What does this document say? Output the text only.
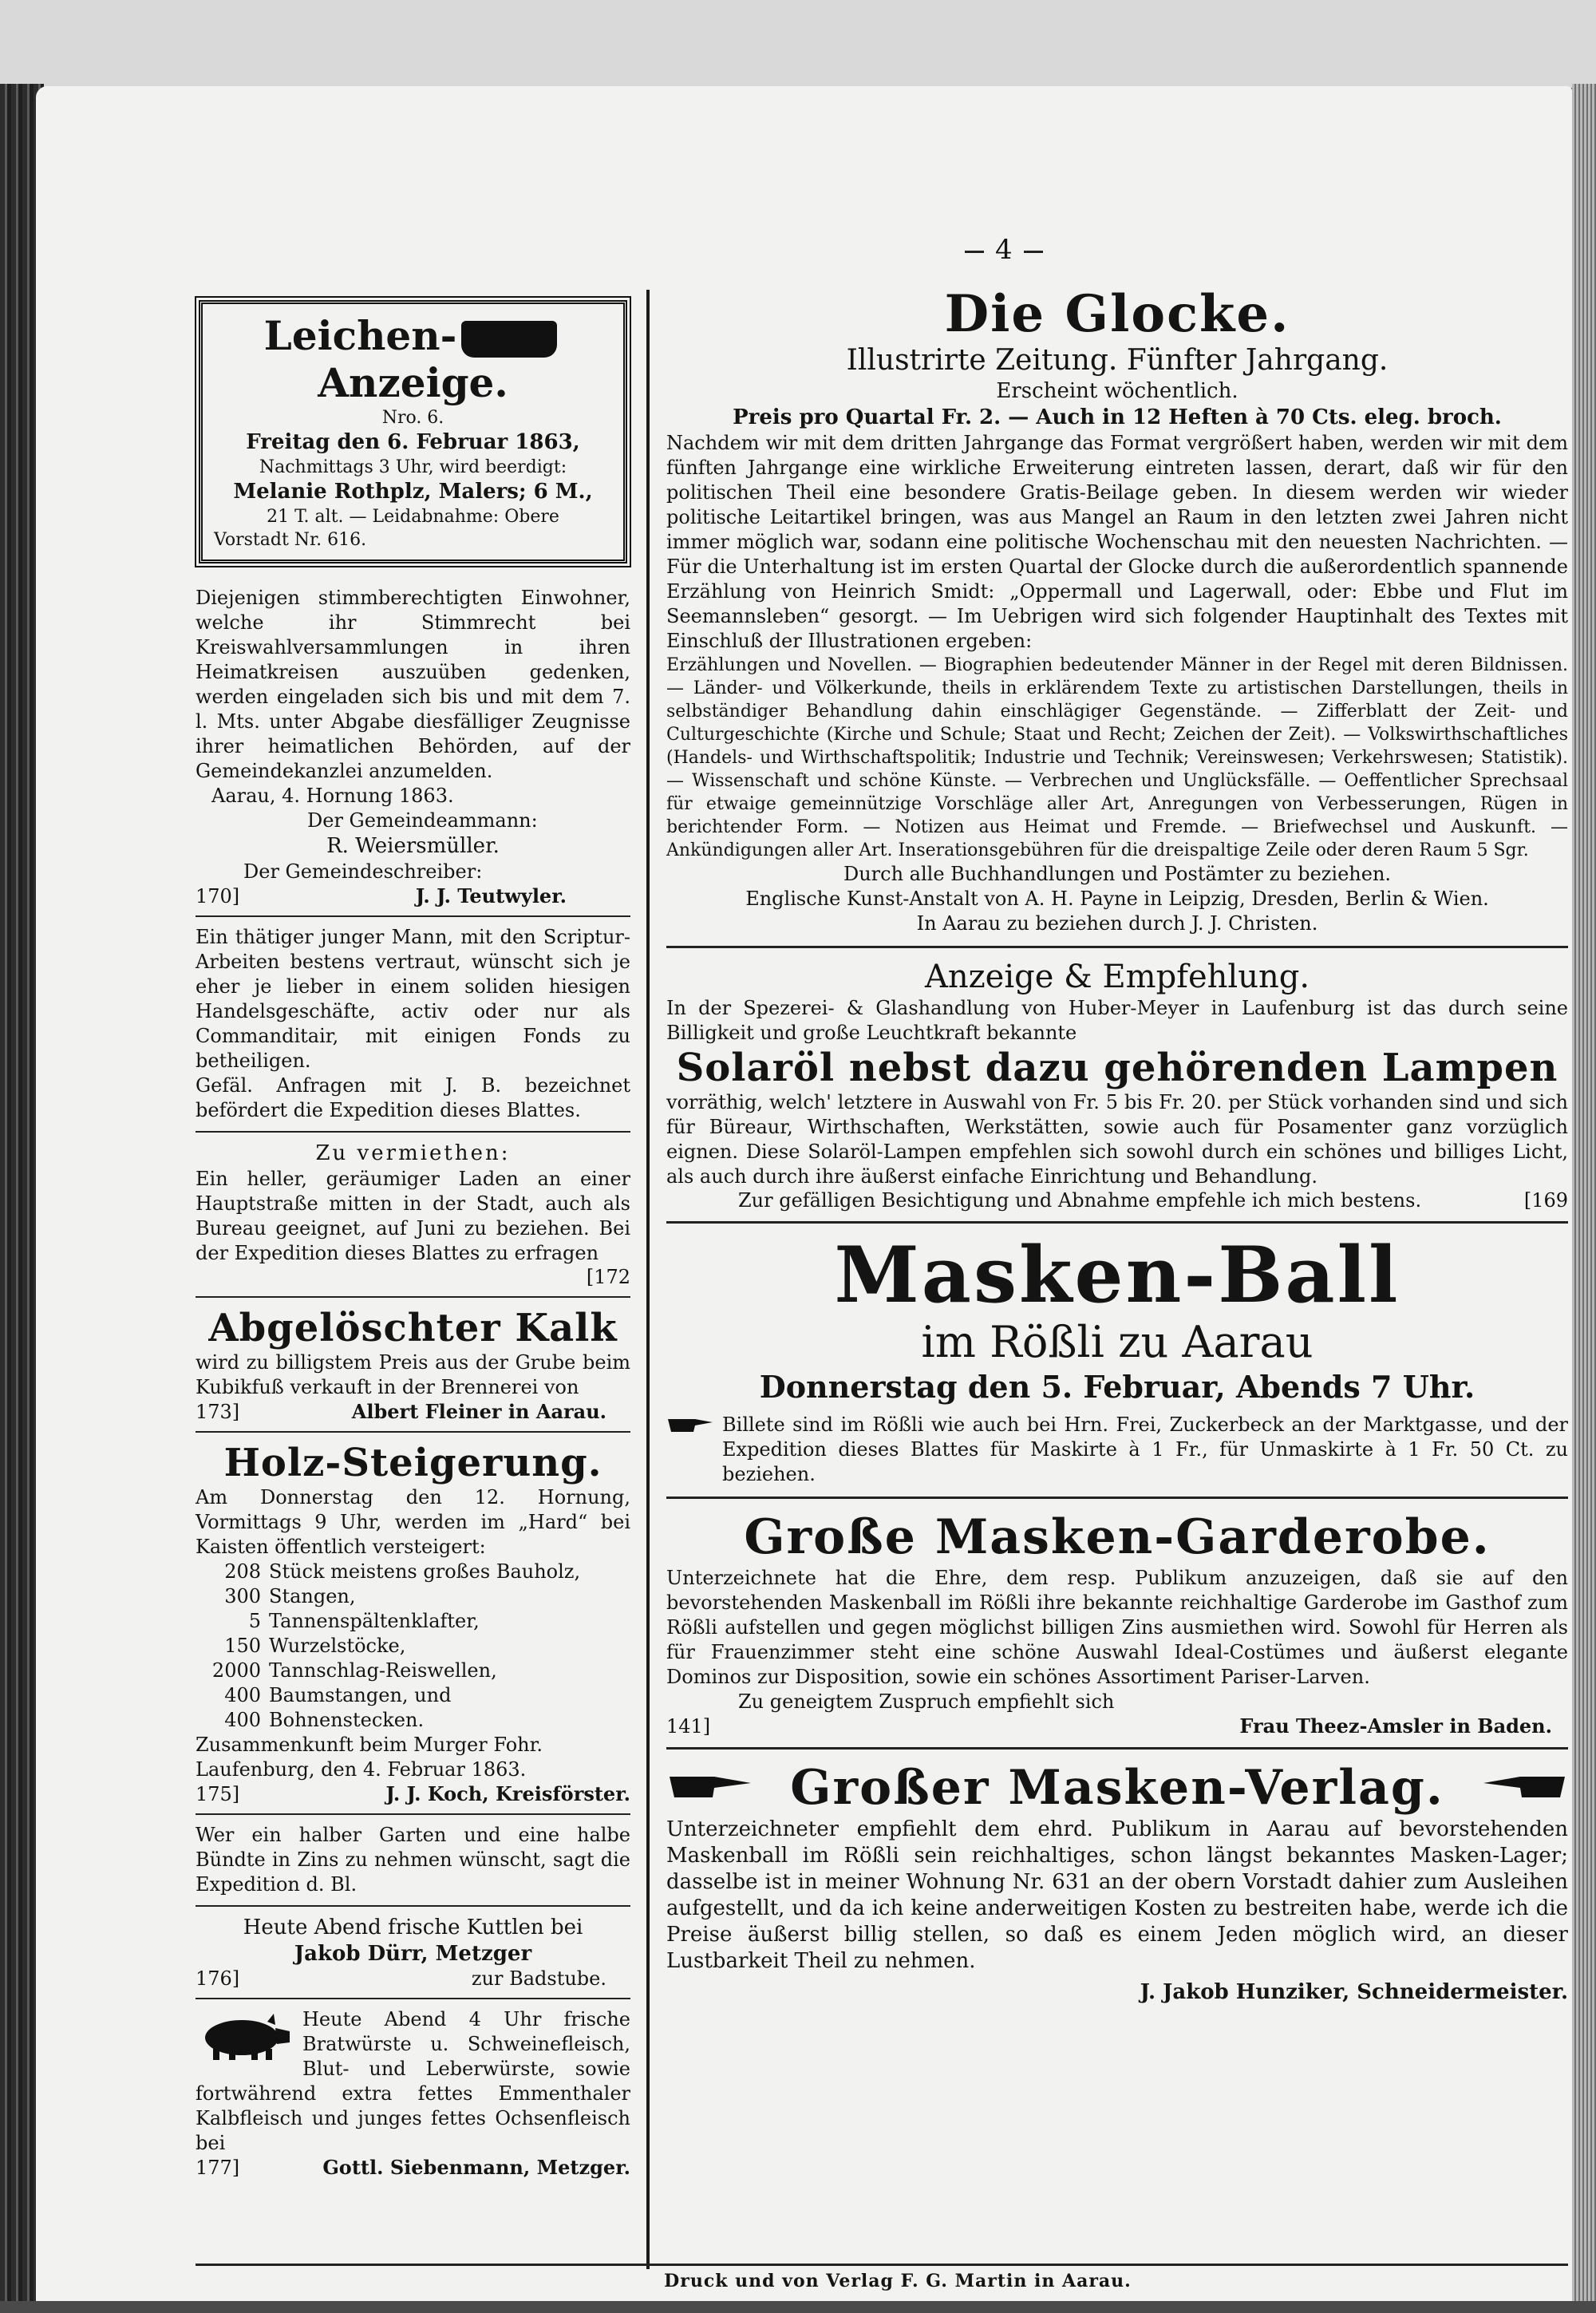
4
Leichen-Anzeige.

Nro. 6.

Freitag den 6. Februar 1863,

Nachmittags 3 Uhr, wird beerdigt:

Melanie Rothplz, Malers; 6 M.,

21 T. alt. — Leidabnahme: Obere

Vorstadt Nr. 616.

Diejenigen stimmberechtigten Einwohner, welche ihr Stimmrecht bei Kreiswahlversammlungen in ihren Heimatkreisen auszuüben gedenken, werden eingeladen sich bis und mit dem 7. l. Mts. unter Abgabe diesfälliger Zeugnisse ihrer heimatlichen Behörden, auf der Gemeindekanzlei anzumelden.

Aarau, 4. Hornung 1863.

Der Gemeindeammann:

R. Weiersmüller.

Der Gemeindeschreiber:

170]	J. J. Teutwyler.

Ein thätiger junger Mann, mit den Scriptur-Arbeiten bestens vertraut, wünscht sich je eher je lieber in einem soliden hiesigen Handelsgeschäfte, activ oder nur als Commanditair, mit einigen Fonds zu betheiligen.

Gefäl. Anfragen mit J. B. bezeichnet befördert die Expedition dieses Blattes.

Zu vermiethen:

Ein heller, geräumiger Laden an einer Hauptstraße mitten in der Stadt, auch als Bureau geeignet, auf Juni zu beziehen. Bei der Expedition dieses Blattes zu erfragen

[172

Abgelöschter Kalk

wird zu billigstem Preis aus der Grube beim Kubikfuß verkauft in der Brennerei von

173]	Albert Fleiner in Aarau.

Holz-Steigerung.

Am Donnerstag den 12. Hornung, Vormittags 9 Uhr, werden im „Hard“ bei Kaisten öffentlich versteigert:

208 Stück meistens großes Bauholz,
300 Stangen,
5 Tannenspältenklafter,
150 Wurzelstöcke,
2000 Tannschlag-Reiswellen,
400 Baumstangen, und
400 Bohnenstecken.

Zusammenkunft beim Murger Fohr.

Laufenburg, den 4. Februar 1863.

175]	J. J. Koch, Kreisförster.

Wer ein halber Garten und eine halbe Bündte in Zins zu nehmen wünscht, sagt die Expedition d. Bl.

Heute Abend frische Kuttlen bei

Jakob Dürr, Metzger

176]	zur Badstube.

Heute Abend 4 Uhr frische Bratwürste u. Schweinefleisch, Blut- und Leberwürste, sowie fortwährend extra fettes Emmenthaler Kalbfleisch und junges fettes Ochsenfleisch bei

177]	Gottl. Siebenmann, Metzger.

Die Glocke.

Illustrirte Zeitung. Fünfter Jahrgang.

Erscheint wöchentlich.

Preis pro Quartal Fr. 2. — Auch in 12 Heften à 70 Cts. eleg. broch.

Nachdem wir mit dem dritten Jahrgange das Format vergrößert haben, werden wir mit dem fünften Jahrgange eine wirkliche Erweiterung eintreten lassen, derart, daß wir für den politischen Theil eine besondere Gratis-Beilage geben. In diesem werden wir wieder politische Leitartikel bringen, was aus Mangel an Raum in den letzten zwei Jahren nicht immer möglich war, sodann eine politische Wochenschau mit den neuesten Nachrichten. — Für die Unterhaltung ist im ersten Quartal der Glocke durch die außerordentlich spannende Erzählung von Heinrich Smidt: „Oppermall und Lagerwall, oder: Ebbe und Flut im Seemannsleben“ gesorgt. — Im Uebrigen wird sich folgender Hauptinhalt des Textes mit Einschluß der Illustrationen ergeben:

Erzählungen und Novellen. — Biographien bedeutender Männer in der Regel mit deren Bildnissen. — Länder- und Völkerkunde, theils in erklärendem Texte zu artistischen Darstellungen, theils in selbständiger Behandlung dahin einschlägiger Gegenstände. — Zifferblatt der Zeit- und Culturgeschichte (Kirche und Schule; Staat und Recht; Zeichen der Zeit). — Volkswirthschaftliches (Handels- und Wirthschaftspolitik; Industrie und Technik; Vereinswesen; Verkehrswesen; Statistik). — Wissenschaft und schöne Künste. — Verbrechen und Unglücksfälle. — Oeffentlicher Sprechsaal für etwaige gemeinnützige Vorschläge aller Art, Anregungen von Verbesserungen, Rügen in berichtender Form. — Notizen aus Heimat und Fremde. — Briefwechsel und Auskunft. — Ankündigungen aller Art. Inserationsgebühren für die dreispaltige Zeile oder deren Raum 5 Sgr.

Durch alle Buchhandlungen und Postämter zu beziehen.

Englische Kunst-Anstalt von A. H. Payne in Leipzig, Dresden, Berlin & Wien.

In Aarau zu beziehen durch J. J. Christen.

Anzeige & Empfehlung.

In der Spezerei- & Glashandlung von Huber-Meyer in Laufenburg ist das durch seine Billigkeit und große Leuchtkraft bekannte

Solaröl nebst dazu gehörenden Lampen

vorräthig, welch' letztere in Auswahl von Fr. 5 bis Fr. 20. per Stück vorhanden sind und sich für Büreaur, Wirthschaften, Werkstätten, sowie auch für Posamenter ganz vorzüglich eignen. Diese Solaröl-Lampen empfehlen sich sowohl durch ein schönes und billiges Licht, als auch durch ihre äußerst einfache Einrichtung und Behandlung.

Zur gefälligen Besichtigung und Abnahme empfehle ich mich bestens.	[169

Masken-Ball

im Rößli zu Aarau

Donnerstag den 5. Februar, Abends 7 Uhr.

Billete sind im Rößli wie auch bei Hrn. Frei, Zuckerbeck an der Marktgasse, und der Expedition dieses Blattes für Maskirte à 1 Fr., für Unmaskirte à 1 Fr. 50 Ct. zu beziehen.

Große Masken-Garderobe.

Unterzeichnete hat die Ehre, dem resp. Publikum anzuzeigen, daß sie auf den bevorstehenden Maskenball im Rößli ihre bekannte reichhaltige Garderobe im Gasthof zum Rößli aufstellen und gegen möglichst billigen Zins ausmiethen wird. Sowohl für Herren als für Frauenzimmer steht eine schöne Auswahl Ideal-Costümes und äußerst elegante Dominos zur Disposition, sowie ein schönes Assortiment Pariser-Larven.

Zu geneigtem Zuspruch empfiehlt sich

141]	Frau Theez-Amsler in Baden.

Großer Masken-Verlag.

Unterzeichneter empfiehlt dem ehrd. Publikum in Aarau auf bevorstehenden Maskenball im Rößli sein reichhaltiges, schon längst bekanntes Masken-Lager; dasselbe ist in meiner Wohnung Nr. 631 an der obern Vorstadt dahier zum Ausleihen aufgestellt, und da ich keine anderweitigen Kosten zu bestreiten habe, werde ich die Preise äußerst billig stellen, so daß es einem Jeden möglich wird, an dieser Lustbarkeit Theil zu nehmen.

J. Jakob Hunziker, Schneidermeister.

Druck und von Verlag F. G. Martin in Aarau.
